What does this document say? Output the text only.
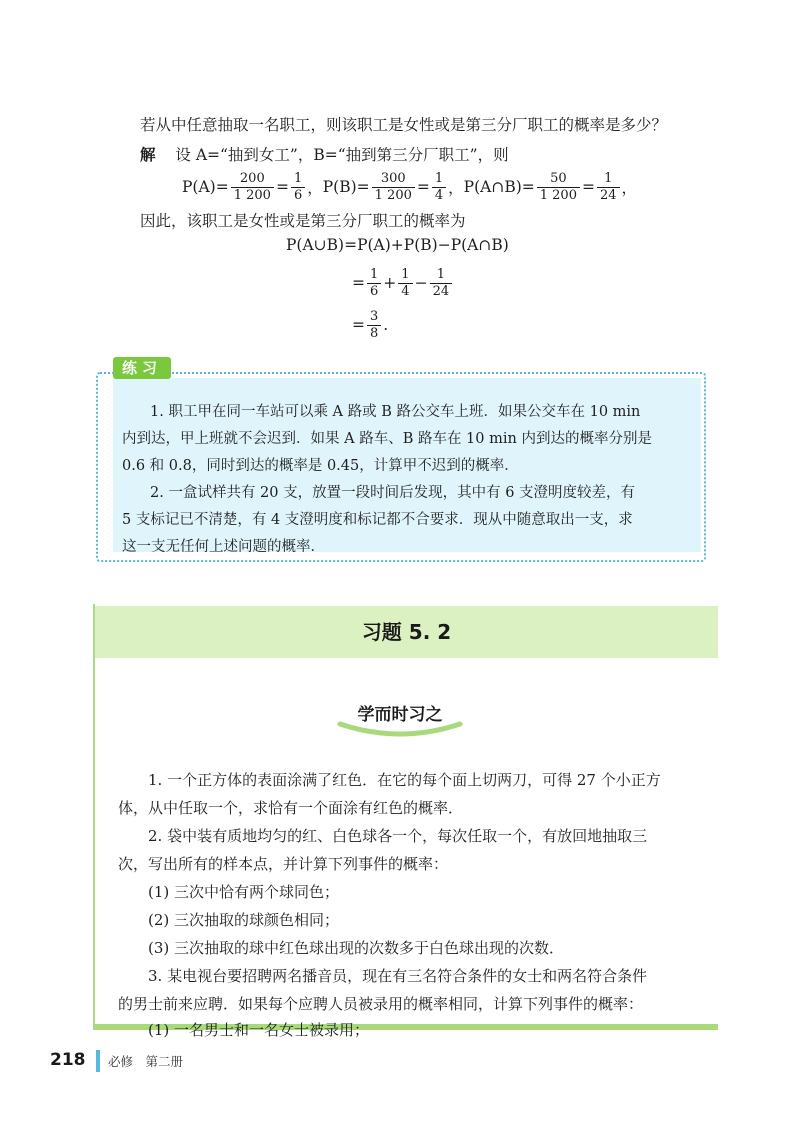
若从中任意抽取一名职工，则该职工是女性或是第三分厂职工的概率是多少？
解 设 A=“抽到女工”，B=“抽到第三分厂职工”，则
$P(A)= \frac{200}{1 200} = \frac{1}{6}$ ， $P(B)= \frac{300}{1 200} = \frac{1}{4}$ ， P(A∩B)= $\frac{50}{1 200} = \frac{1}{24}$ ，
因此，该职工是女性或是第三分厂职工的概率为
P(A∪B)=P(A)+P(B)−P(A∩B)
= $\frac{1}{6} + \frac{1}{4} - \frac{1}{24}$
= $\frac{3}{8}$ .
练习
1. 职工甲在同一车站可以乘 A 路或 B 路公交车上班．如果公交车在 10 min
内到达，甲上班就不会迟到．如果 A 路车、B 路车在 10 min 内到达的概率分别是
0.6 和 0.8，同时到达的概率是 0.45，计算甲不迟到的概率．
2. 一盒试样共有 20 支，放置一段时间后发现，其中有 6 支澄明度较差，有
5 支标记已不清楚，有 4 支澄明度和标记都不合要求．现从中随意取出一支，求
这一支无任何上述问题的概率．
习题 5. 2
学而时习之
1. 一个正方体的表面涂满了红色．在它的每个面上切两刀，可得 27 个小正方
体，从中任取一个，求恰有一个面涂有红色的概率．
2. 袋中装有质地均匀的红、白色球各一个，每次任取一个，有放回地抽取三
次，写出所有的样本点，并计算下列事件的概率：
(1) 三次中恰有两个球同色；
(2) 三次抽取的球颜色相同；
(3) 三次抽取的球中红色球出现的次数多于白色球出现的次数．
3. 某电视台要招聘两名播音员，现在有三名符合条件的女士和两名符合条件
的男士前来应聘．如果每个应聘人员被录用的概率相同，计算下列事件的概率：
(1) 一名男士和一名女士被录用；
218 必修　第二册
